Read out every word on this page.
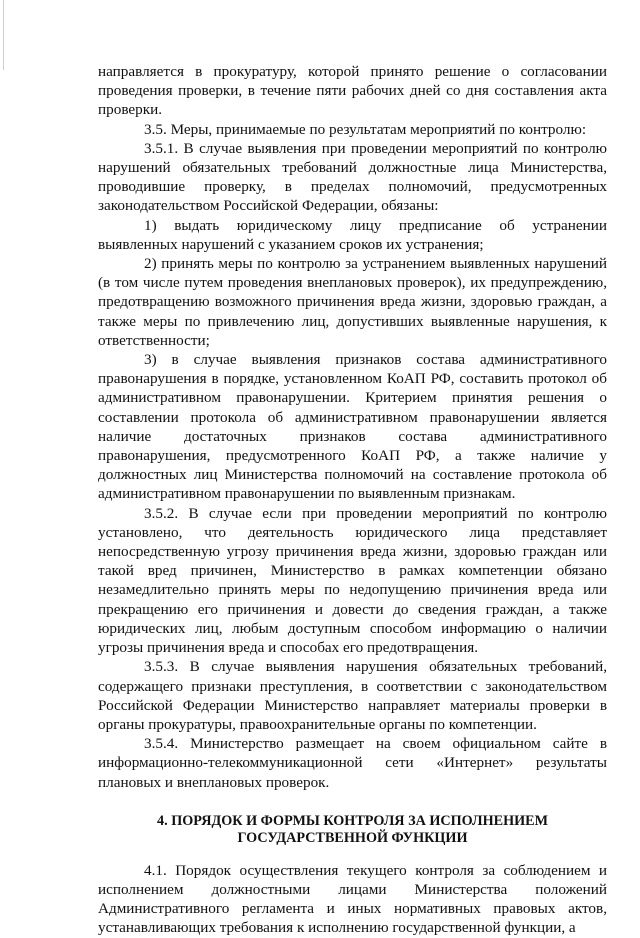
направляется в прокуратуру, которой принято решение о согласовании проведения проверки, в течение пяти рабочих дней со дня составления акта проверки.

3.5. Меры, принимаемые по результатам мероприятий по контролю:

3.5.1. В случае выявления при проведении мероприятий по контролю нарушений обязательных требований должностные лица Министерства, проводившие проверку, в пределах полномочий, предусмотренных законодательством Российской Федерации, обязаны:

1) выдать юридическому лицу предписание об устранении выявленных нарушений с указанием сроков их устранения;

2) принять меры по контролю за устранением выявленных нарушений (в том числе путем проведения внеплановых проверок), их предупреждению, предотвращению возможного причинения вреда жизни, здоровью граждан, а также меры по привлечению лиц, допустивших выявленные нарушения, к ответственности;

3) в случае выявления признаков состава административного правонарушения в порядке, установленном КоАП РФ, составить протокол об административном правонарушении. Критерием принятия решения о составлении протокола об административном правонарушении является наличие достаточных признаков состава административного правонарушения, предусмотренного КоАП РФ, а также наличие у должностных лиц Министерства полномочий на составление протокола об административном правонарушении по выявленным признакам.

3.5.2. В случае если при проведении мероприятий по контролю установлено, что деятельность юридического лица представляет непосредственную угрозу причинения вреда жизни, здоровью граждан или такой вред причинен, Министерство в рамках компетенции обязано незамедлительно принять меры по недопущению причинения вреда или прекращению его причинения и довести до сведения граждан, а также юридических лиц, любым доступным способом информацию о наличии угрозы причинения вреда и способах его предотвращения.

3.5.3. В случае выявления нарушения обязательных требований, содержащего признаки преступления, в соответствии с законодательством Российской Федерации Министерство направляет материалы проверки в органы прокуратуры, правоохранительные органы по компетенции.

3.5.4. Министерство размещает на своем официальном сайте в информационно-телекоммуникационной сети «Интернет» результаты плановых и внеплановых проверок.

4. ПОРЯДОК И ФОРМЫ КОНТРОЛЯ ЗА ИСПОЛНЕНИЕМ
ГОСУДАРСТВЕННОЙ ФУНКЦИИ

4.1. Порядок осуществления текущего контроля за соблюдением и исполнением должностными лицами Министерства положений Административного регламента и иных нормативных правовых актов, устанавливающих требования к исполнению государственной функции, а
